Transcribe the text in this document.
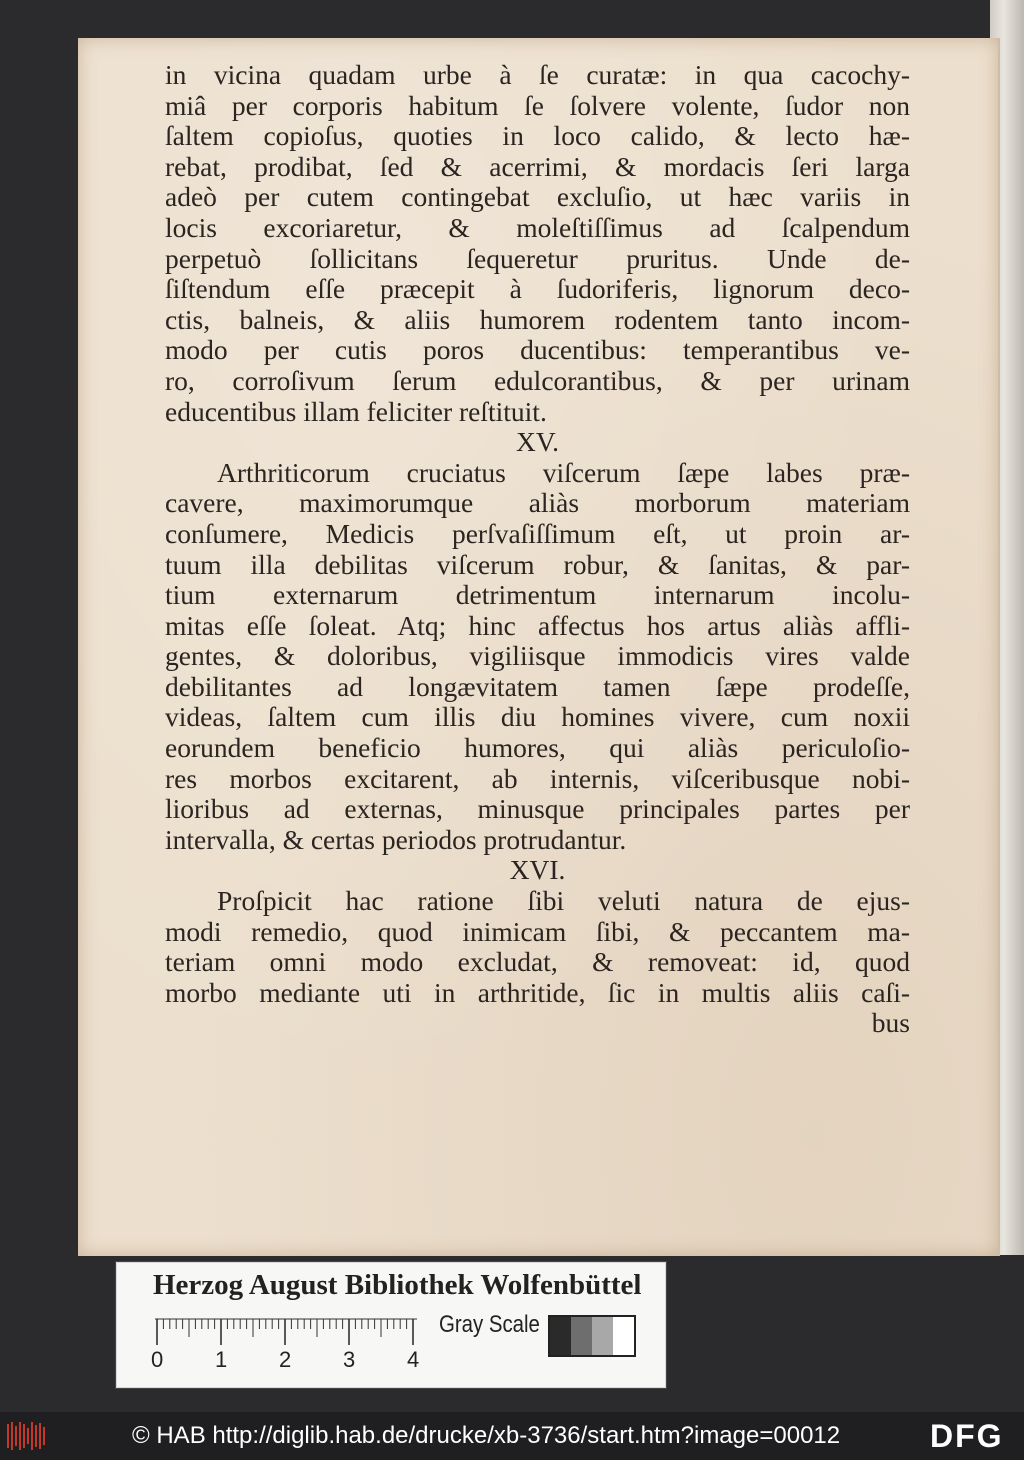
in vicina quadam urbe à ſe curatæ: in qua cacochy-
miâ per corporis habitum ſe ſolvere volente, ſudor non
ſaltem copioſus, quoties in loco calido, & lecto hæ-
rebat, prodibat, ſed & acerrimi, & mordacis ſeri larga
adeò per cutem contingebat excluſio, ut hæc variis in
locis excoriaretur, & moleſtiſſimus ad ſcalpendum
perpetuò ſollicitans ſequeretur pruritus. Unde de-
ſiſtendum eſſe præcepit à ſudoriferis, lignorum deco-
ctis, balneis, & aliis humorem rodentem tanto incom-
modo per cutis poros ducentibus: temperantibus ve-
ro, corroſivum ſerum edulcorantibus, & per urinam
educentibus illam feliciter reſtituit.
XV.
Arthriticorum cruciatus viſcerum ſæpe labes præ-
cavere, maximorumque aliàs morborum materiam
conſumere, Medicis perſvaſiſſimum eſt, ut proin ar-
tuum illa debilitas viſcerum robur, & ſanitas, & par-
tium externarum detrimentum internarum incolu-
mitas eſſe ſoleat. Atq; hinc affectus hos artus aliàs affli-
gentes, & doloribus, vigiliisque immodicis vires valde
debilitantes ad longævitatem tamen ſæpe prodeſſe,
videas, ſaltem cum illis diu homines vivere, cum noxii
eorundem beneficio humores, qui aliàs periculoſio-
res morbos excitarent, ab internis, viſceribusque nobi-
lioribus ad externas, minusque principales partes per
intervalla, & certas periodos protrudantur.
XVI.
Proſpicit hac ratione ſibi veluti natura de ejus-
modi remedio, quod inimicam ſibi, & peccantem ma-
teriam omni modo excludat, & removeat: id, quod
morbo mediante uti in arthritide, ſic in multis aliis caſi-
bus
Herzog August Bibliothek Wolfenbüttel
0 1 2 3 4
Gray Scale
© HAB http://diglib.hab.de/drucke/xb-3736/start.htm?image=00012	DFG
